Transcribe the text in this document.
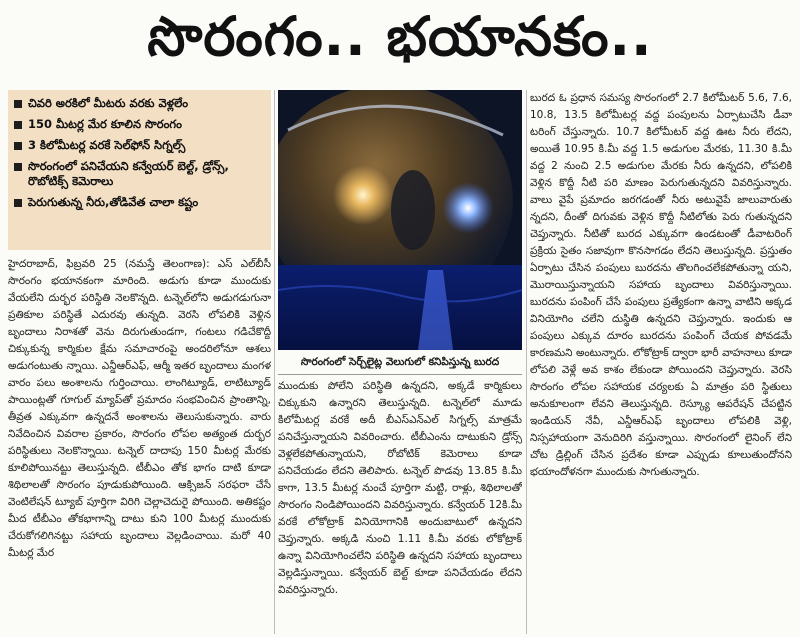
సొరంగం.. భయానకం..
చివరి అరకిలో మీటరు వరకు వెళ్లలేం
150 మీటర్ల మేర కూలిన సొరంగం
3 కిలోమీటర్ల వరకే సెల్‌ఫోన్ సిగ్నల్స్
సొరంగంలో పనిచేయని కన్వేయర్ బెల్ట్, డ్రోన్స్, రొబోటిక్స్ కెమెరాలు
పెరుగుతున్న నీరు,తోడివేత చాలా కష్టం
సొరంగంలో సెర్చ్‌లైట్ల వెలుగులో కనిపిస్తున్న బురద

హైదరాబాద్, ఫిబ్రవరి 25 (నమస్తే తెలంగాణ): ఎస్ ఎల్‌బీసీ సొరంగం భయానకంగా మారింది. అడుగు కూడా ముందుకు వేయలేని దుర్భర పరిస్థితి నెలకొన్నది. టన్నెల్‌లోని అడుగడుగునా ప్రతికూల పరిస్థితే ఎదురవు తున్నది. వెరసి లోపలికి వెళ్లిన బృందాలు నిరాశతో వెను దిరుగుతుండగా, గంటలు గడిచేకొద్దీ చిక్కుకున్న కార్మికుల క్షేమ సమాచారంపై అందరిలోనూ ఆశలు అడుగంటుతు న్నాయి. ఎన్డీఆర్‌ఎఫ్, ఆర్మీ ఇతర బృందాలు మంగళ వారం పలు అంశాలను గుర్తించాయి. లాంగిట్యూడ్, లాటిట్యూడ్ పాయింట్లతో గూగుల్ మ్యాప్‌తో ప్రమాదం సంభవించిన ప్రాంతాన్ని, తీవ్రత ఎక్కువగా ఉన్నదనే అంశాలను తెలుసుకున్నారు. వారు నివేదించిన వివరాల ప్రకారం, సొరంగం లోపల అత్యంత దుర్భర పరిస్థితులు నెలకొన్నాయి. టన్నెల్ దాదాపు 150 మీటర్ల మేరకు కూలిపోయినట్టు తెలుస్తున్నది. టీబీఎం తోక భాగం దాటి కూడా శిథిలాలతో సొరంగం పూడుకుపోయింది. ఆక్సిజన్ సరఫరా చేసే వెంటిలేషన్ ట్యూబ్ పూర్తిగా విరిగి చెల్లాచెదురై పోయింది. అతికష్టం మీద టీబీఎం తోకభాగాన్ని దాటు కుని 100 మీటర్ల ముందుకు చేరుకోగలిగినట్టు సహాయ బృందాలు వెల్లడించాయి. మరో 40 మీటర్ల మేర

ముందుకు పోలేని పరిస్థితి ఉన్నదని, అక్కడే కార్మికులు చిక్కుకుని ఉన్నారని తెలుస్తున్నది. టన్నెల్‌లో మూడు కిలోమీటర్ల వరకే అదీ బీఎస్‌ఎన్‌ఎల్ సిగ్నల్స్ మాత్రమే పనిచేస్తున్నాయని వివరించారు. టీబీఎంను దాటుకుని డ్రోన్స్ వెళ్లలేకపోతున్నాయని, రోబోటిక్ కెమెరాలు కూడా పనిచేయడం లేదని తెలిపారు. టన్నెల్ పొడవు 13.85 కి.మీ కాగా, 13.5 మీటర్ల నుంచే పూర్తిగా మట్టి, రాళ్లు, శిథిలాలతో సొరంగం నిండిపోయిందని వివరిస్తున్నారు. కన్వేయర్ 12కి.మీ వరకే లోకోట్రాక్ వినియోగానికి అందుబాటులో ఉన్నదని చెప్తున్నారు. అక్కడి నుంచి 1.11 కి.మీ వరకు లోకోట్రాక్ ఉన్నా వినియోగించలేని పరిస్థితి ఉన్నదని సహాయ బృందాలు వెల్లడిస్తున్నాయి. కన్వేయర్ బెల్ట్ కూడా పనిచేయడం లేదని వివరిస్తున్నారు.

బురద ఓ ప్రధాన సమస్య సొరంగంలో 2.7 కిలోమీటర్ 5.6, 7.6, 10.8, 13.5 కిలోమీటర్ల వద్ద పంపులను ఏర్పాటుచేసి డీవా టరింగ్ చేస్తున్నారు. 10.7 కిలోమీటర్ వద్ద ఊట నీరు లేదని, అయితే 10.95 కి.మీ వద్ద 1.5 అడుగుల మేరకు, 11.30 కి.మీ వద్ద 2 నుంచి 2.5 అడుగుల మేరకు నీరు ఉన్నదని, లోపలికి వెళ్లిన కొద్దీ నీటి పరి మాణం పెరుగుతున్నదని వివరిస్తున్నారు. వాలు వైపే ప్రమాదం జరగడంతో నీరు అటువైపే జాలువారుతు న్నదని, దీంతో దిగువకు వెళ్లిన కొద్దీ నీటిలోతు పెరు గుతున్నదని చెప్తున్నారు. నీటితో బురద ఎక్కువగా ఉండటంతో డీవాటరింగ్ ప్రక్రియ సైతం సజావుగా కొనసాగడం లేదని తెలుస్తున్నది. ప్రస్తుతం ఏర్పాటు చేసిన పంపులు బురదను తొలగించలేకపోతున్నా యని, మొరాయిస్తున్నాయని సహాయ బృందాలు వివరిస్తున్నాయి. బురదను పంపింగ్ చేసే పంపులు ప్రత్యేకంగా ఉన్నా వాటిని అక్కడ వినియోగిం చలేని దుస్థితి ఉన్నదని చెప్తున్నారు. ఇందుకు ఆ పంపులు ఎక్కువ దూరం బురదను పంపింగ్ చేయక పోవడమే కారణమని అంటున్నారు. లోకోట్రాక్ ద్వారా భారీ వాహనాలు కూడా లోపలి వెళ్లే అవ కాశం లేకుండా పోయిందని చెప్తున్నారు. వెరసి సొరంగం లోపల సహాయక చర్యలకు ఏ మాత్రం పరి స్థితులు అనుకూలంగా లేవని తెలుస్తున్నది. రెస్క్యూ ఆపరేషన్ చేపట్టిన ఇండియన్ నేవీ, ఎన్డీఆర్‌ఎఫ్ బృందాలు లోపలికి వెళ్లి, నిస్సహాయంగా వెనుదిరిగి వస్తున్నాయి. సొరంగంలో లైనింగ్ లేని చోట డ్రిల్లింగ్ చేసిన ప్రదేశం కూడా ఎప్పుడు కూలుతుందోనని భయాందోళనగా ముందుకు సాగుతున్నారు.
